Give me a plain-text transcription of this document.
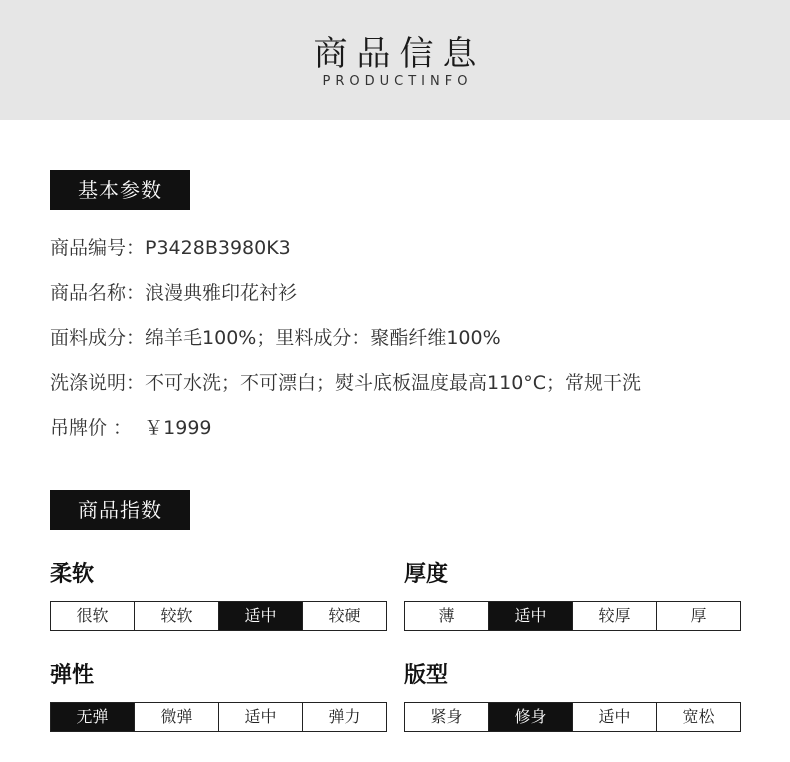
商品信息
PRODUCTINFO
基本参数
商品编号：P3428B3980K3
商品名称：浪漫典雅印花衬衫
面料成分：绵羊毛100%；里料成分：聚酯纤维100%
洗涤说明：不可水洗；不可漂白；熨斗底板温度最高110°C；常规干洗
吊牌价 ： ￥1999
商品指数
柔软
很软	较软	适中	较硬
厚度
薄	适中	较厚	厚
弹性
无弹	微弹	适中	弹力
版型
紧身	修身	适中	宽松
